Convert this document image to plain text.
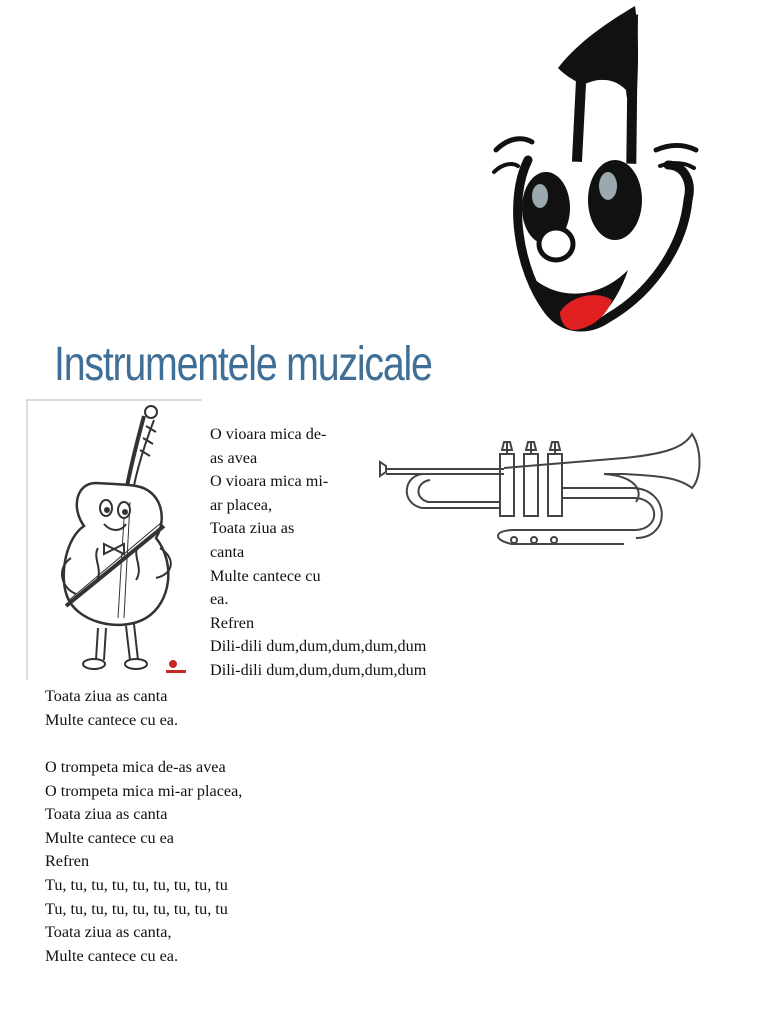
Instrumentele muzicale
O vioara mica de-
as avea
O vioara mica mi-
ar placea,
Toata ziua as
canta
Multe cantece cu
ea.
Refren
Dili-dili dum,dum,dum,dum,dum
Dili-dili dum,dum,dum,dum,dum
Toata ziua as canta
Multe cantece cu ea.
O trompeta mica de-as avea
O trompeta mica mi-ar placea,
Toata ziua as canta
Multe cantece cu ea
Refren
Tu, tu, tu, tu, tu, tu, tu, tu, tu
Tu, tu, tu, tu, tu, tu, tu, tu, tu
Toata ziua as canta,
Multe cantece cu ea.
